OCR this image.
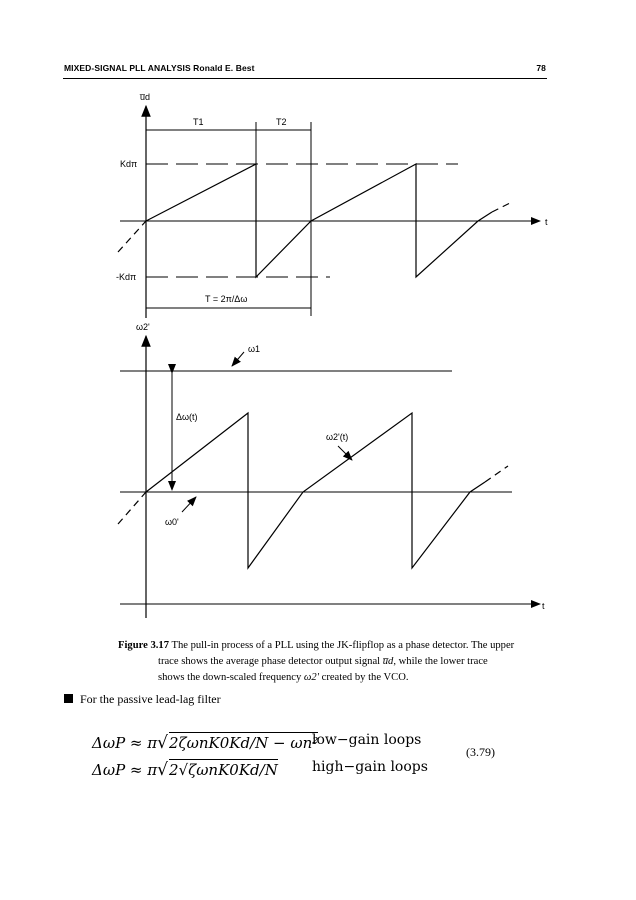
MIXED-SIGNAL PLL ANALYSIS Ronald E. Best	78
u̅d
t
Kdπ
-Kdπ
T1	T2
T = 2π/Δω
ω2'
t
ω1
ω0'
Δω(t)
ω2'(t)
Figure 3.17 The pull-in process of a PLL using the JK-flipflop as a phase detector. The upper
trace shows the average phase detector output signal u̅d, while the lower trace
shows the down-scaled frequency ω2' created by the VCO.
For the passive lead-lag filter
ΔωP ≈ π√2ζωnK0Kd/N − ωn²
low−gain loops
ΔωP ≈ π√2√ζωnK0Kd/N high−gain loops
(3.79)
